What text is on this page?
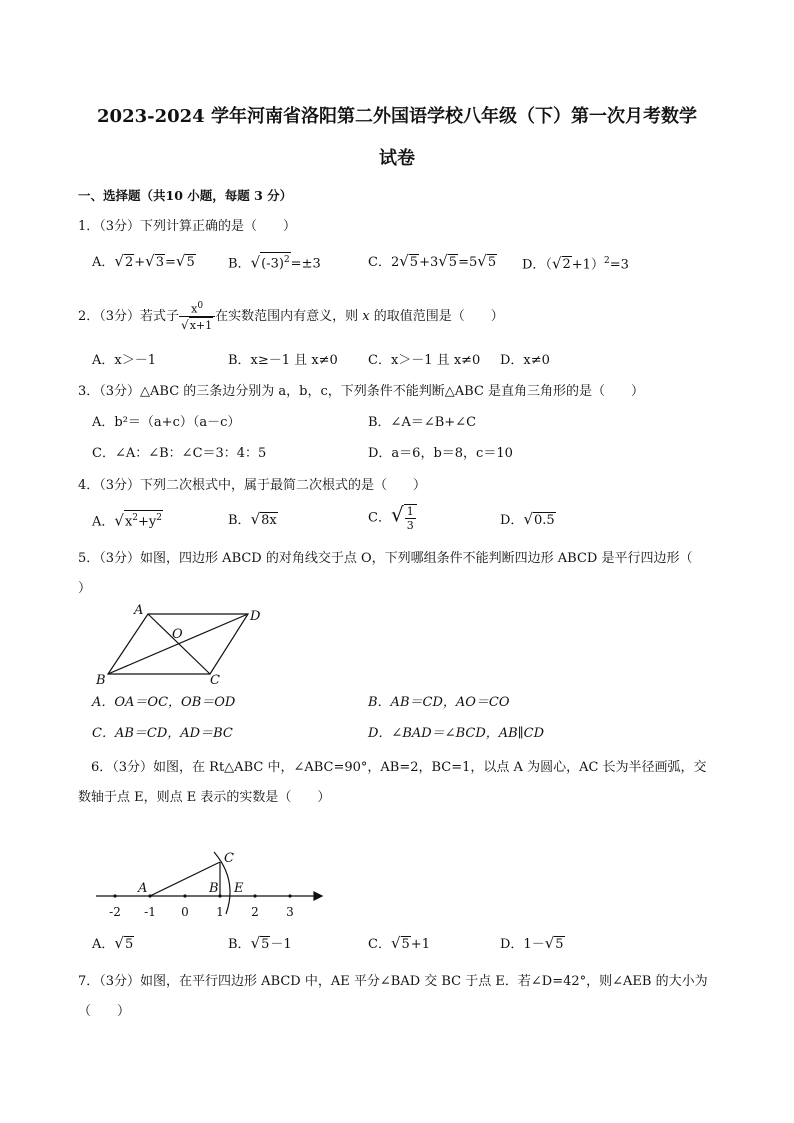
2023-2024 学年河南省洛阳第二外国语学校八年级（下）第一次月考数学
试卷
一、选择题（共10 小题，每题 3 分）
1．（3分）下列计算正确的是（　　）
A．√2+√3=√5	B．$√(-3)^2=\pm 3$	C．2√5+3√5=5√5 D．$(√2+1)^2=3$
2．（3分）若式子 $\frac{x^0}{√x+1}$ 在实数范围内有意义，则 x 的取值范围是（　　）
A．x＞－1	B．x≥－1 且 x≠0 C．x＞－1 且 x≠0 D．x≠0
3．（3分）△ABC 的三条边分别为 a，b，c，下列条件不能判断△ABC 是直角三角形的是（　　）
A．b²＝（a+c）（a－c）	B．∠A＝∠B+∠C
C．∠A：∠B：∠C＝3：4：5	D．a＝6，b＝8，c＝10
4．（3分）下列二次根式中，属于最简二次根式的是（　　）
A．$√x^2+y^2$	B．√8x	C．√ $\frac{1}{3}$	D．√0.5
5．（3分）如图，四边形 ABCD 的对角线交于点 O，下列哪组条件不能判断四边形 ABCD 是平行四边形（
）
A	D
O
B	C
A．OA＝OC，OB＝OD	B．AB＝CD，AO＝CO
C．AB＝CD，AD＝BC	D．∠BAD＝∠BCD，AB∥CD
　6．（3分）如图，在 Rt△ABC 中，∠ABC=90°，AB=2，BC=1，以点 A 为圆心，AC 长为半径画弧，交数轴于点 E，则点 E 表示的实数是（　　）
A	B
C
E
-2 -1 0 1 2 3
A．√5	B．√5－1	C．√5+1	D．1－√5
7．（3分）如图，在平行四边形 ABCD 中，AE 平分∠BAD 交 BC 于点 E．若∠D=42°，则∠AEB 的大小为（　　）
